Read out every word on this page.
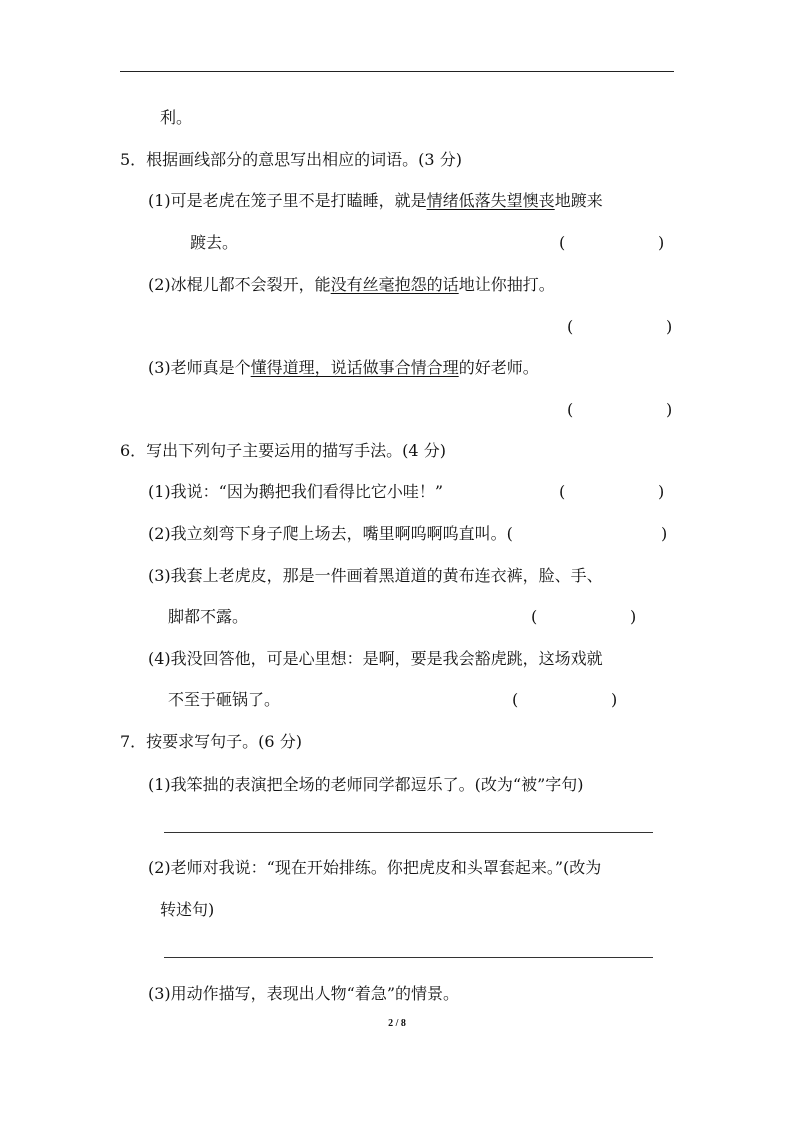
利。
5．根据画线部分的意思写出相应的词语。(3 分)
(1)可是老虎在笼子里不是打瞌睡，就是情绪低落失望懊丧地踱来
踱去。	(	)
(2)冰棍儿都不会裂开，能没有丝毫抱怨的话地让你抽打。
(	)
(3)老师真是个懂得道理，说话做事合情合理的好老师。
(	)
6．写出下列句子主要运用的描写手法。(4 分)
(1)我说：“因为鹅把我们看得比它小哇！”	(	)
(2)我立刻弯下身子爬上场去，嘴里啊呜啊呜直叫。(	)
(3)我套上老虎皮，那是一件画着黑道道的黄布连衣裤，脸、手、
脚都不露。	(	)
(4)我没回答他，可是心里想：是啊，要是我会豁虎跳，这场戏就
不至于砸锅了。	(	)
7．按要求写句子。(6 分)
(1)我笨拙的表演把全场的老师同学都逗乐了。(改为“被”字句)
(2)老师对我说：“现在开始排练。你把虎皮和头罩套起来。”(改为
转述句)
(3)用动作描写，表现出人物“着急”的情景。
2 / 8
